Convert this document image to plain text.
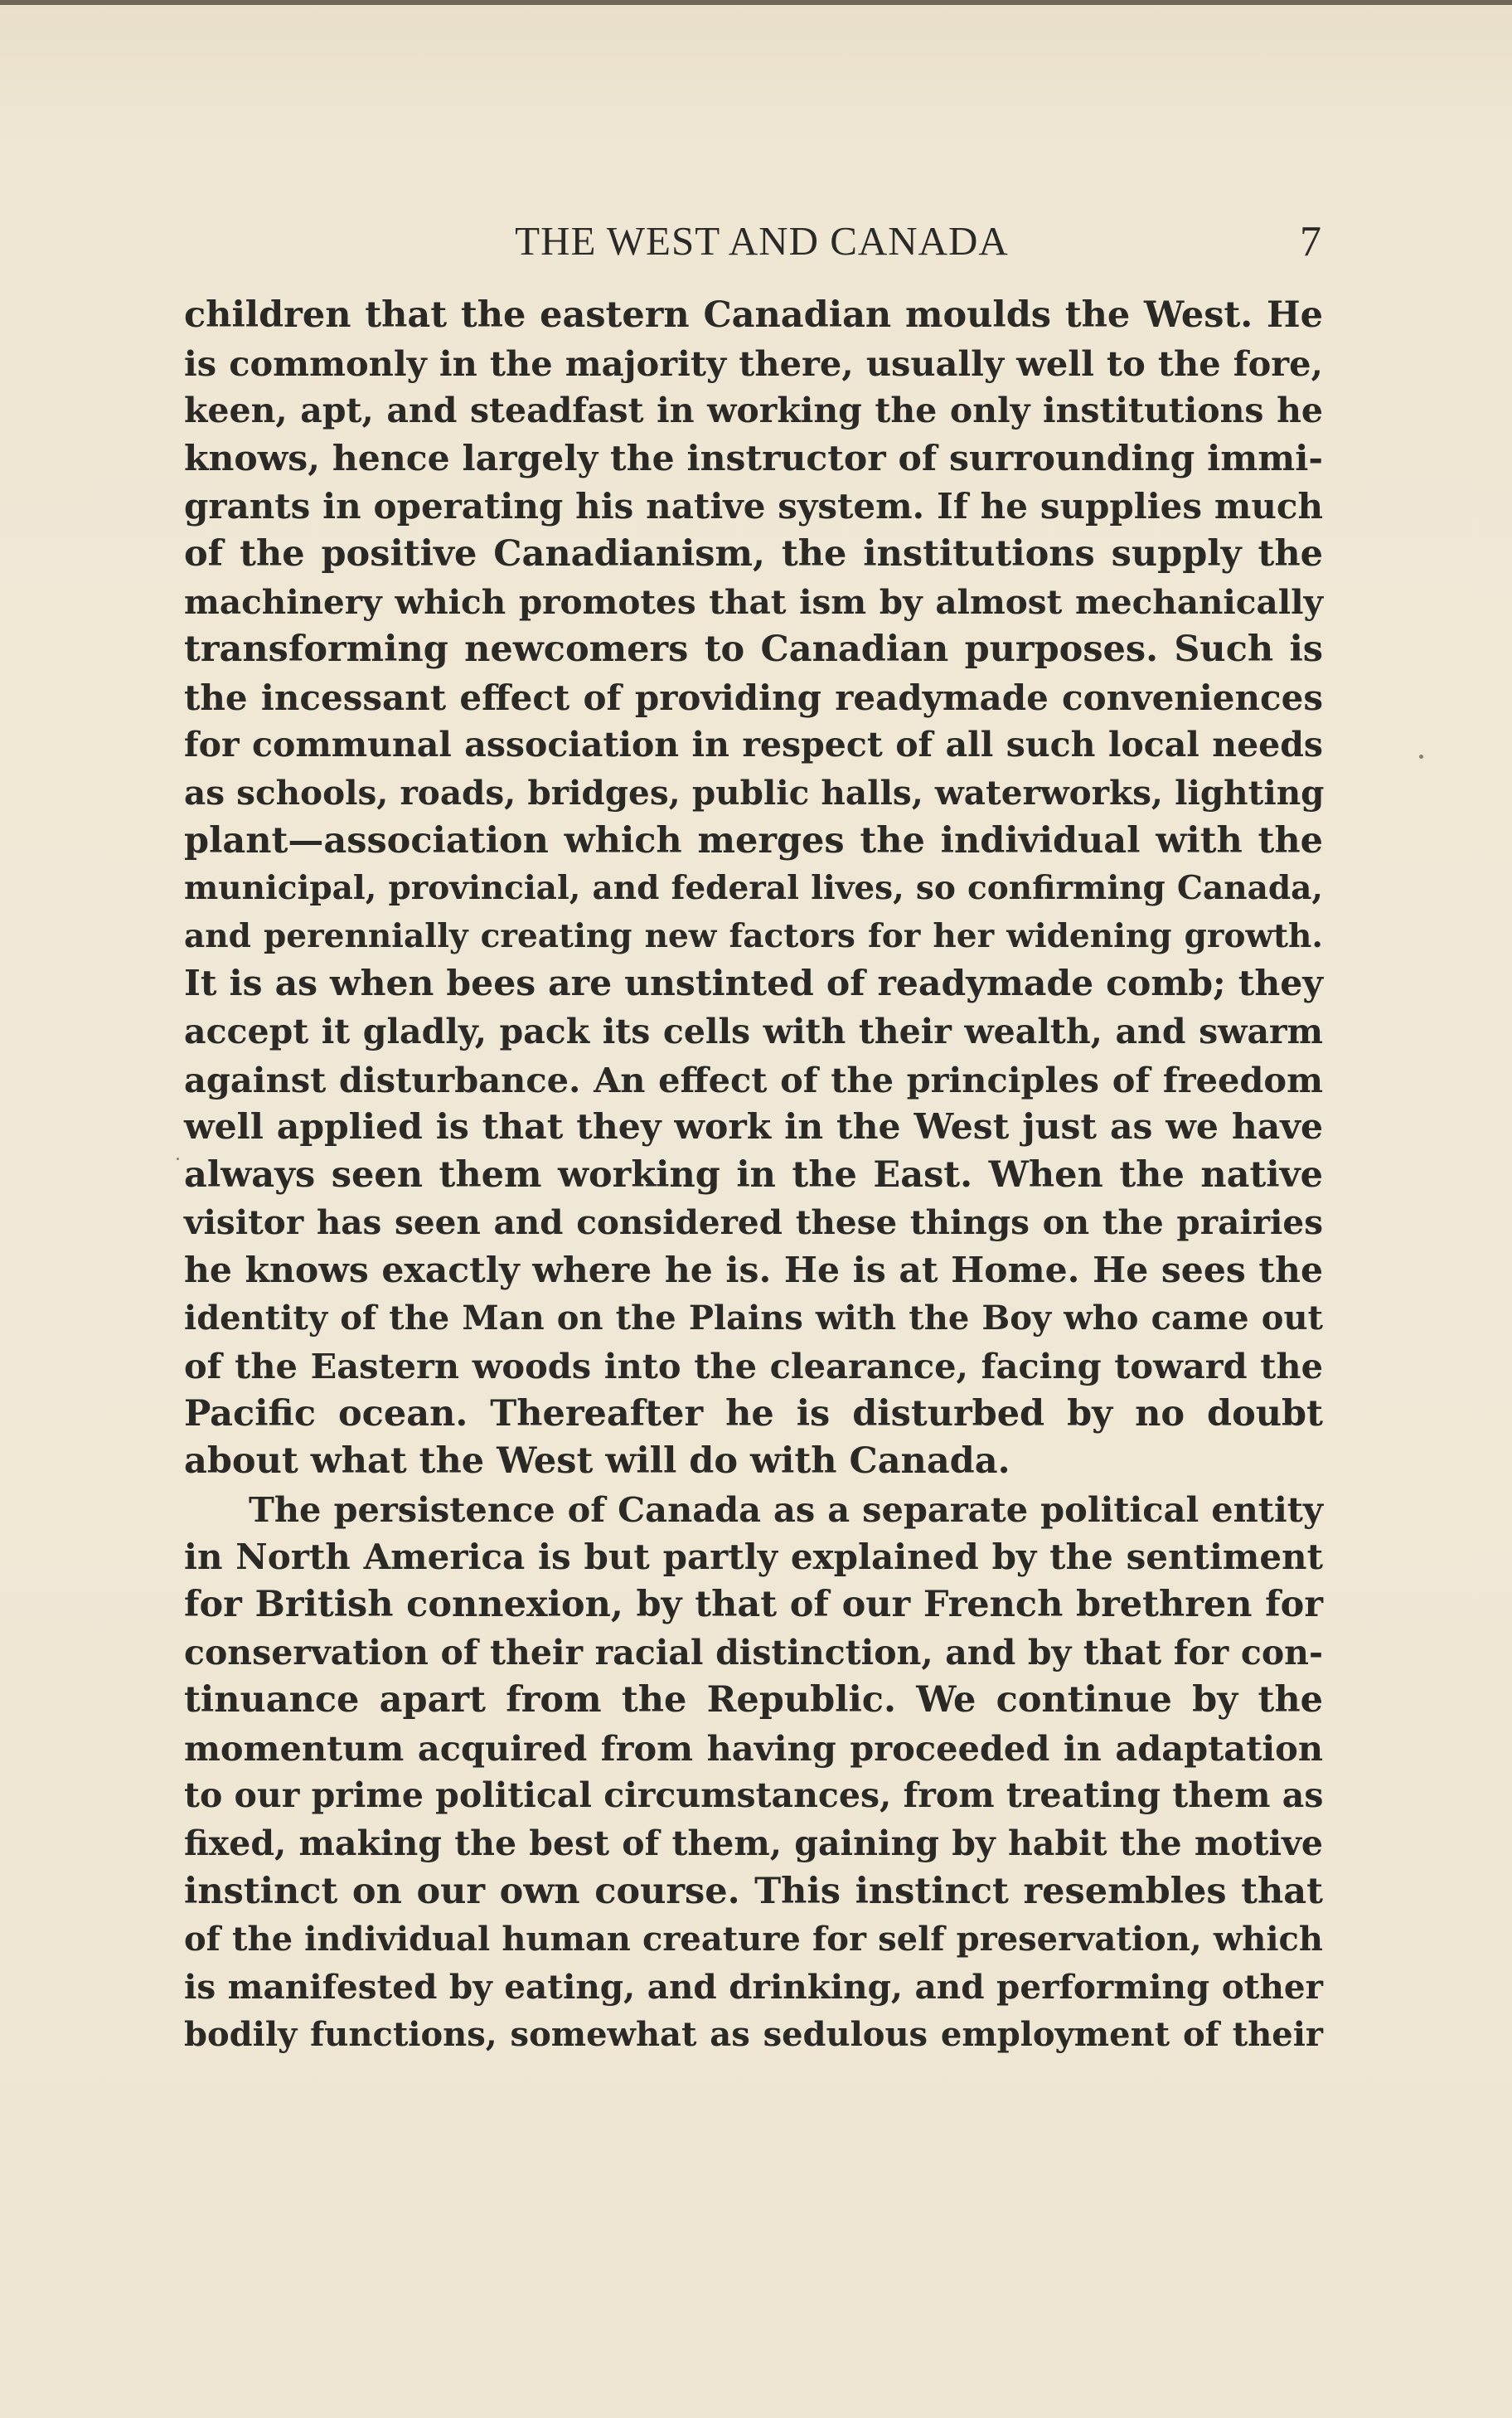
THE WEST AND CANADA	7
children that the eastern Canadian moulds the West. He
is commonly in the majority there, usually well to the fore,
keen, apt, and steadfast in working the only institutions he
knows, hence largely the instructor of surrounding immi-
grants in operating his native system. If he supplies much
of the positive Canadianism, the institutions supply the
machinery which promotes that ism by almost mechanically
transforming newcomers to Canadian purposes. Such is
the incessant effect of providing readymade conveniences
for communal association in respect of all such local needs
as schools, roads, bridges, public halls, waterworks, lighting
plant—association which merges the individual with the
municipal, provincial, and federal lives, so confirming Canada,
and perennially creating new factors for her widening growth.
It is as when bees are unstinted of readymade comb; they
accept it gladly, pack its cells with their wealth, and swarm
against disturbance. An effect of the principles of freedom
well applied is that they work in the West just as we have
always seen them working in the East. When the native
visitor has seen and considered these things on the prairies
he knows exactly where he is. He is at Home. He sees the
identity of the Man on the Plains with the Boy who came out
of the Eastern woods into the clearance, facing toward the
Pacific ocean. Thereafter he is disturbed by no doubt
about what the West will do with Canada.
The persistence of Canada as a separate political entity
in North America is but partly explained by the sentiment
for British connexion, by that of our French brethren for
conservation of their racial distinction, and by that for con-
tinuance apart from the Republic. We continue by the
momentum acquired from having proceeded in adaptation
to our prime political circumstances, from treating them as
fixed, making the best of them, gaining by habit the motive
instinct on our own course. This instinct resembles that
of the individual human creature for self preservation, which
is manifested by eating, and drinking, and performing other
bodily functions, somewhat as sedulous employment of their
